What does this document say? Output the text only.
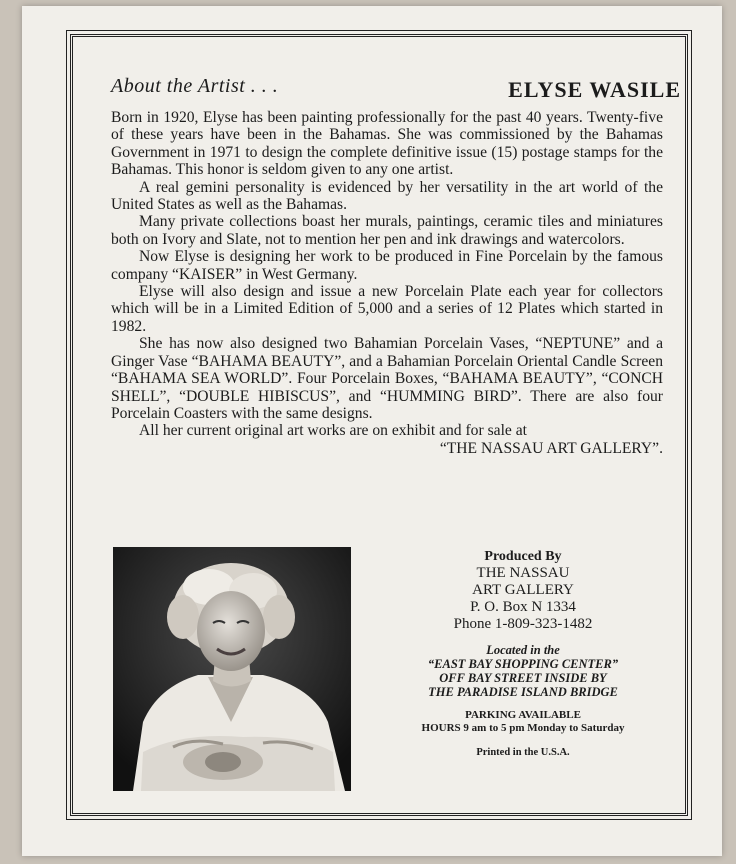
About the Artist . . .	ELYSE WASILE

Born in 1920, Elyse has been painting professionally for the past 40 years. Twenty-five of these years have been in the Bahamas. She was commissioned by the Bahamas Government in 1971 to design the complete definitive issue (15) postage stamps for the Bahamas. This honor is seldom given to any one artist.

A real gemini personality is evidenced by her versatility in the art world of the United States as well as the Bahamas.

Many private collections boast her murals, paintings, ceramic tiles and miniatures both on Ivory and Slate, not to mention her pen and ink drawings and watercolors.

Now Elyse is designing her work to be produced in Fine Porcelain by the famous company “KAISER” in West Germany.

Elyse will also design and issue a new Porcelain Plate each year for collectors which will be in a Limited Edition of 5,000 and a series of 12 Plates which started in 1982.

She has now also designed two Bahamian Porcelain Vases, “NEPTUNE” and a Ginger Vase “BAHAMA BEAUTY”, and a Bahamian Porcelain Oriental Candle Screen “BAHAMA SEA WORLD”. Four Porcelain Boxes, “BAHAMA BEAUTY”, “CONCH SHELL”, “DOUBLE HIBISCUS”, and “HUMMING BIRD”. There are also four Porcelain Coasters with the same designs.

All her current original art works are on exhibit and for sale at

“THE NASSAU ART GALLERY”.

Produced By
THE NASSAU
ART GALLERY
P. O. Box N 1334
Phone 1-809-323-1482
Located in the
“EAST BAY SHOPPING CENTER”
OFF BAY STREET INSIDE BY
THE PARADISE ISLAND BRIDGE
PARKING AVAILABLE
HOURS 9 am to 5 pm Monday to Saturday
Printed in the U.S.A.
